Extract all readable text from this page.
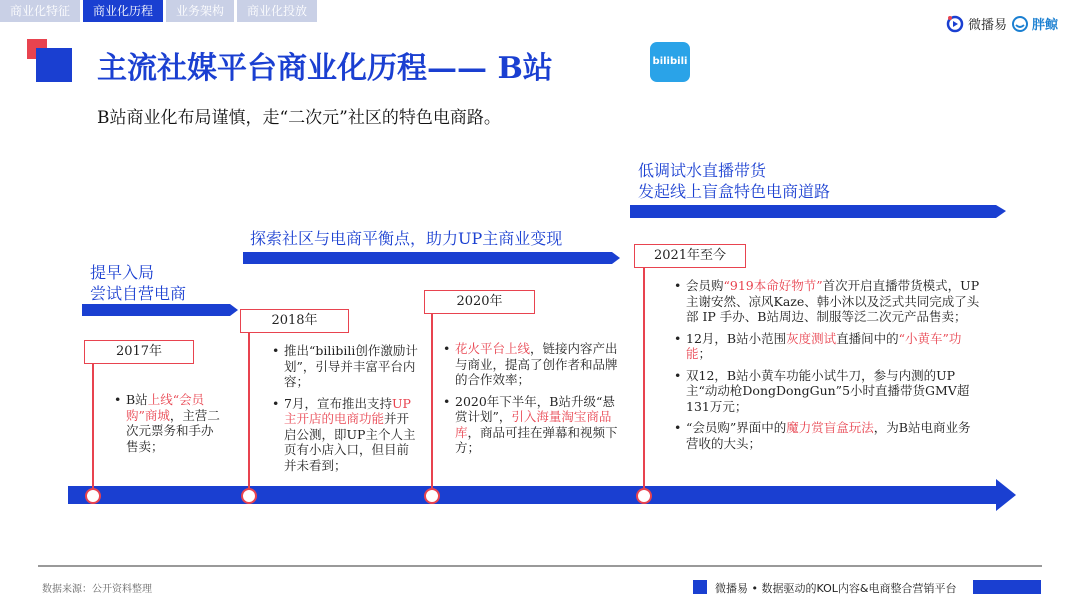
商业化特征	商业化历程	业务架构	商业化投放
微播易 胖鲸
主流社媒平台商业化历程—— B站	bilibili
B站商业化布局谨慎，走“二次元”社区的特色电商路。
提早入局
尝试自营电商
探索社区与电商平衡点，助力UP主商业变现
低调试水直播带货
发起线上盲盒特色电商道路
2017年
2018年
2020年
2021年至今

• B站上线“会员购”商城，主营二次元票务和手办售卖；

• 推出“bilibili创作激励计划”，引导并丰富平台内容；

• 7月，宣布推出支持UP主开店的电商功能并开启公测，即UP主个人主页有小店入口，但目前并未看到；

• 花火平台上线，链接内容产出与商业，提高了创作者和品牌的合作效率；

• 2020年下半年，B站升级“悬赏计划”，引入海量淘宝商品库，商品可挂在弹幕和视频下方；

• 会员购“919本命好物节”首次开启直播带货模式，UP主谢安然、凉风Kaze、韩小沐以及泛式共同完成了头部 IP 手办、B站周边、制服等泛二次元产品售卖；

• 12月，B站小范围灰度测试直播间中的“小黄车”功能；

• 双12，B站小黄车功能小试牛刀，参与内测的UP主“动动枪DongDongGun”5小时直播带货GMV超131万元；

• “会员购”界面中的魔力赏盲盒玩法，为B站电商业务营收的大头；

数据来源：公开资料整理	微播易 • 数据驱动的KOL内容&电商整合营销平台
